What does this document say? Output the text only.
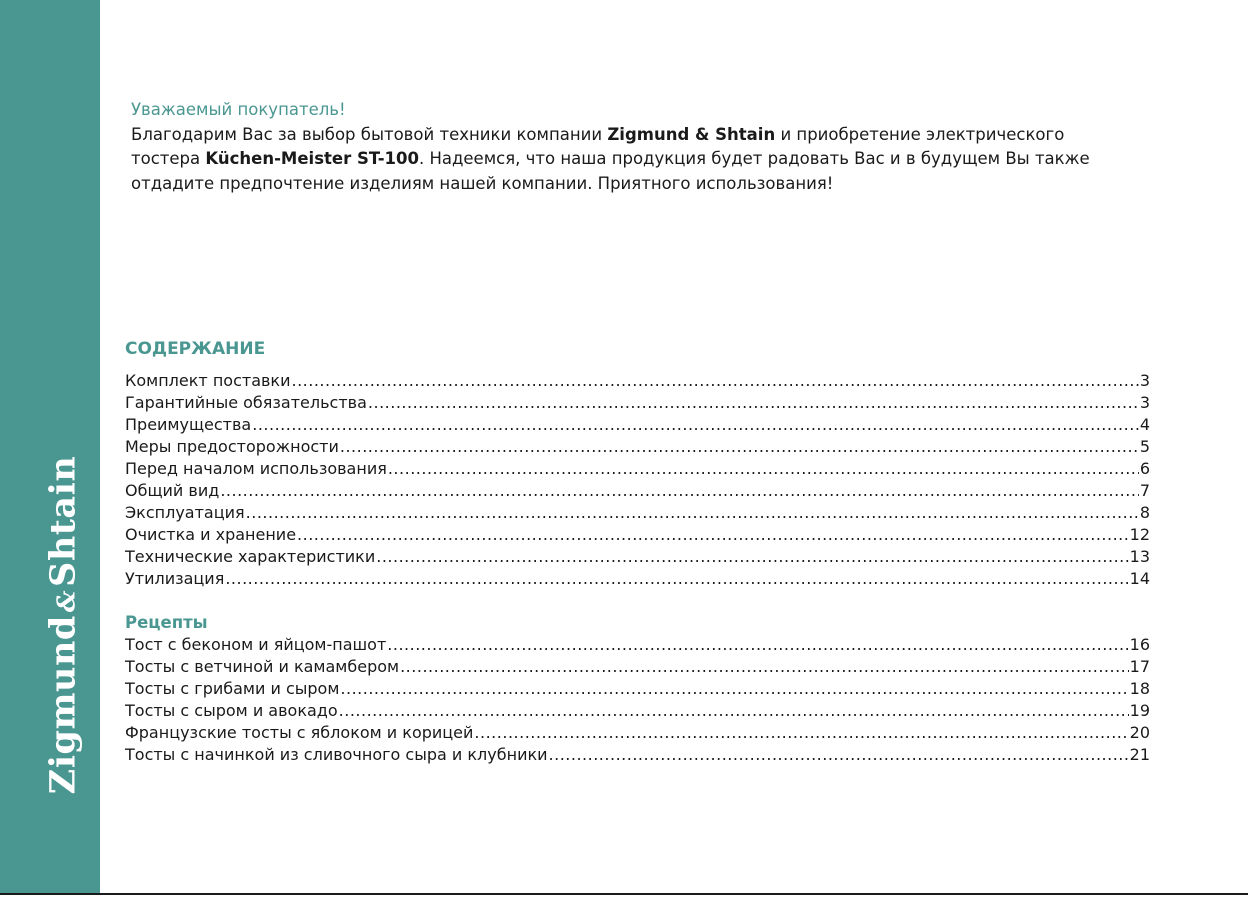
Zigmund&Shtain
Уважаемый покупатель!
Благодарим Вас за выбор бытовой техники компании Zigmund & Shtain и приобретение электрического
тостера Küchen-Meister ST-100. Надеемся, что наша продукция будет радовать Вас и в будущем Вы также
отдадите предпочтение изделиям нашей компании. Приятного использования!
СОДЕРЖАНИЕ
Комплект поставки .....	3
Гарантийные обязательства .....	3
Преимущества .....	4
Меры предосторожности .....	5
Перед началом использования .....	6
Общий вид .....	7
Эксплуатация .....	8
Очистка и хранение .....	12
Технические характеристики .....	13
Утилизация .....	14
Рецепты
Тост с беконом и яйцом-пашот .....	16
Тосты с ветчиной и камамбером .....	17
Тосты с грибами и сыром .....	18
Тосты с сыром и авокадо .....	19
Французские тосты с яблоком и корицей .....	20
Тосты с начинкой из сливочного сыра и клубники .....	21
